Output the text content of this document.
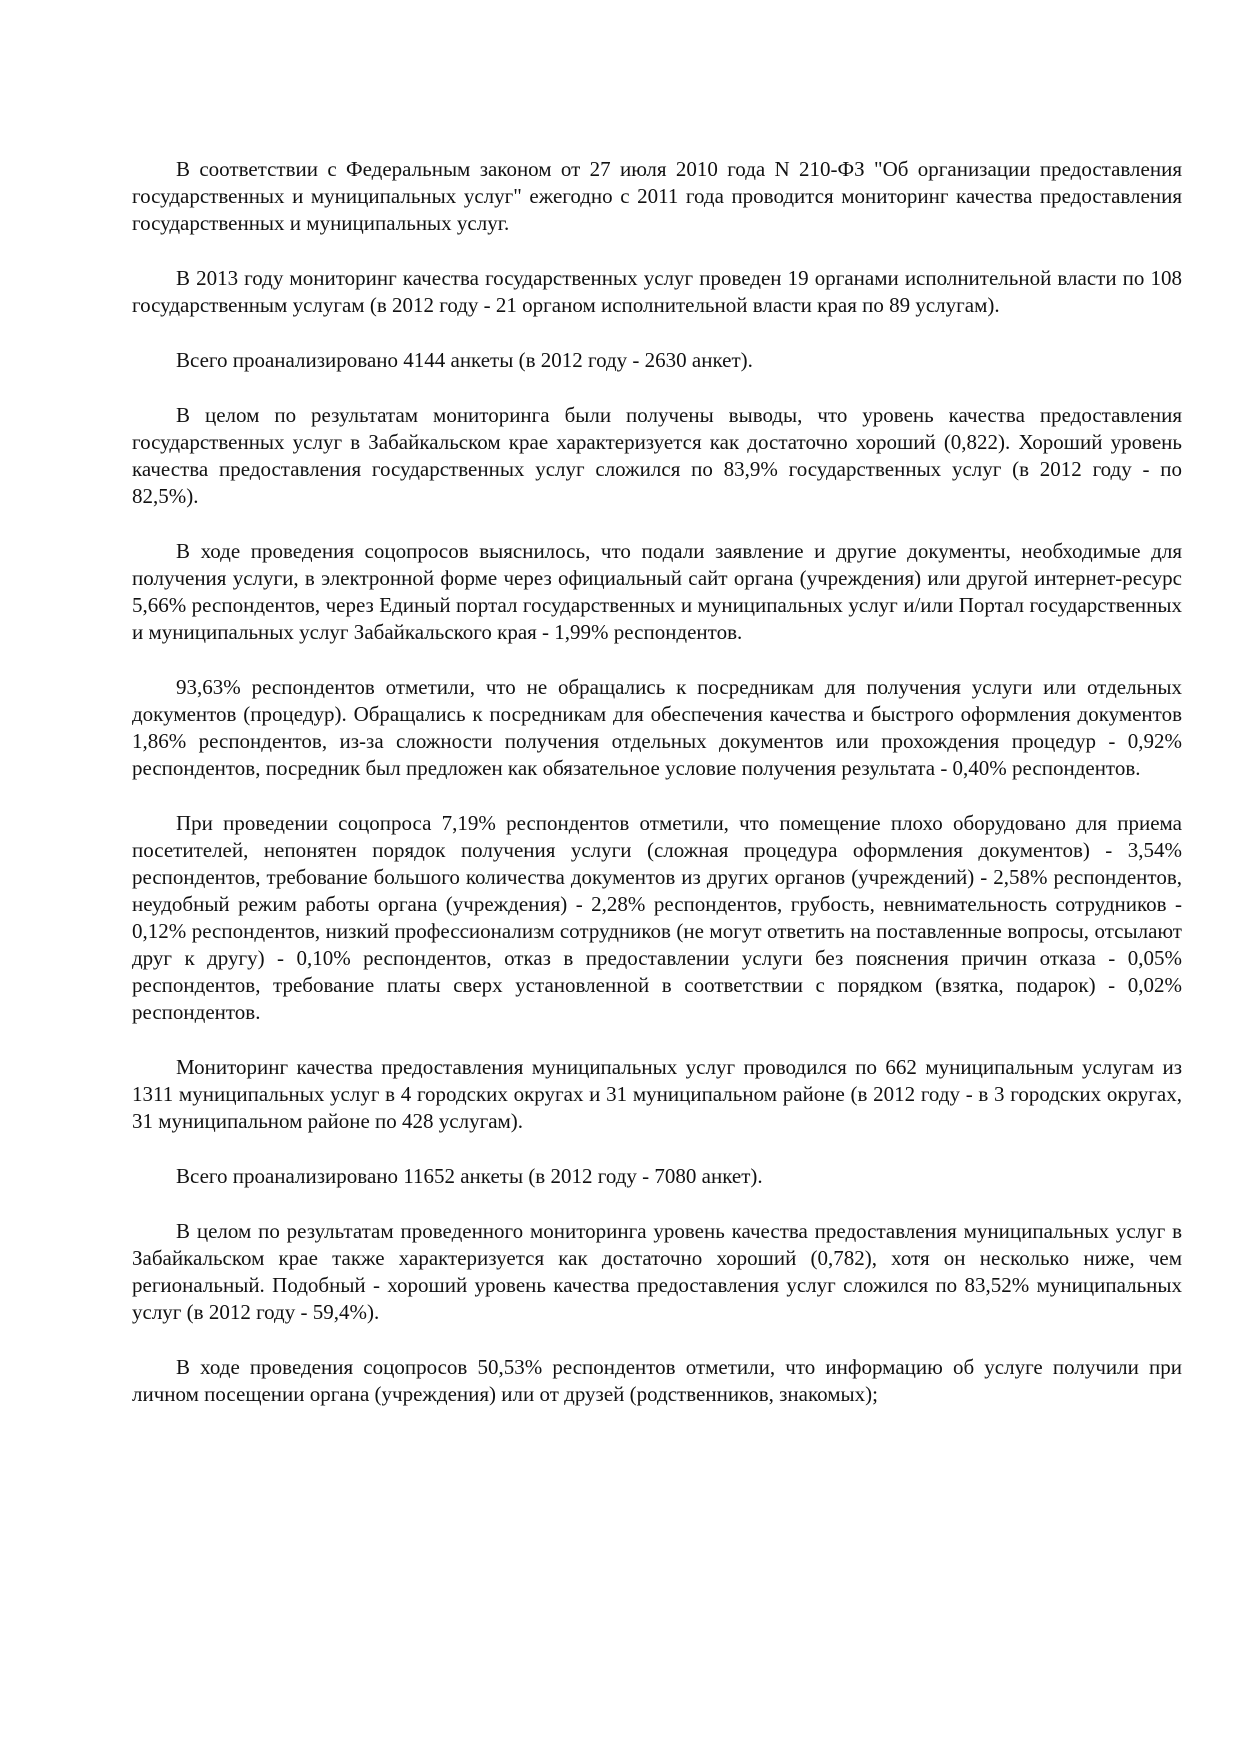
В соответствии с Федеральным законом от 27 июля 2010 года N 210-ФЗ "Об организации предоставления государственных и муниципальных услуг" ежегодно с 2011 года проводится мониторинг качества предоставления государственных и муниципальных услуг.

В 2013 году мониторинг качества государственных услуг проведен 19 органами исполнительной власти по 108 государственным услугам (в 2012 году - 21 органом исполнительной власти края по 89 услугам).

Всего проанализировано 4144 анкеты (в 2012 году - 2630 анкет).

В целом по результатам мониторинга были получены выводы, что уровень качества предоставления государственных услуг в Забайкальском крае характеризуется как достаточно хороший (0,822). Хороший уровень качества предоставления государственных услуг сложился по 83,9% государственных услуг (в 2012 году - по 82,5%).

В ходе проведения соцопросов выяснилось, что подали заявление и другие документы, необходимые для получения услуги, в электронной форме через официальный сайт органа (учреждения) или другой интернет-ресурс 5,66% респондентов, через Единый портал государственных и муниципальных услуг и/или Портал государственных и муниципальных услуг Забайкальского края - 1,99% респондентов.

93,63% респондентов отметили, что не обращались к посредникам для получения услуги или отдельных документов (процедур). Обращались к посредникам для обеспечения качества и быстрого оформления документов 1,86% респондентов, из-за сложности получения отдельных документов или прохождения процедур - 0,92% респондентов, посредник был предложен как обязательное условие получения результата - 0,40% респондентов.

При проведении соцопроса 7,19% респондентов отметили, что помещение плохо оборудовано для приема посетителей, непонятен порядок получения услуги (сложная процедура оформления документов) - 3,54% респондентов, требование большого количества документов из других органов (учреждений) - 2,58% респондентов, неудобный режим работы органа (учреждения) - 2,28% респондентов, грубость, невнимательность сотрудников - 0,12% респондентов, низкий профессионализм сотрудников (не могут ответить на поставленные вопросы, отсылают друг к другу) - 0,10% респондентов, отказ в предоставлении услуги без пояснения причин отказа - 0,05% респондентов, требование платы сверх установленной в соответствии с порядком (взятка, подарок) - 0,02% респондентов.

Мониторинг качества предоставления муниципальных услуг проводился по 662 муниципальным услугам из 1311 муниципальных услуг в 4 городских округах и 31 муниципальном районе (в 2012 году - в 3 городских округах, 31 муниципальном районе по 428 услугам).

Всего проанализировано 11652 анкеты (в 2012 году - 7080 анкет).

В целом по результатам проведенного мониторинга уровень качества предоставления муниципальных услуг в Забайкальском крае также характеризуется как достаточно хороший (0,782), хотя он несколько ниже, чем региональный. Подобный - хороший уровень качества предоставления услуг сложился по 83,52% муниципальных услуг (в 2012 году - 59,4%).

В ходе проведения соцопросов 50,53% респондентов отметили, что информацию об услуге получили при личном посещении органа (учреждения) или от друзей (родственников, знакомых);
